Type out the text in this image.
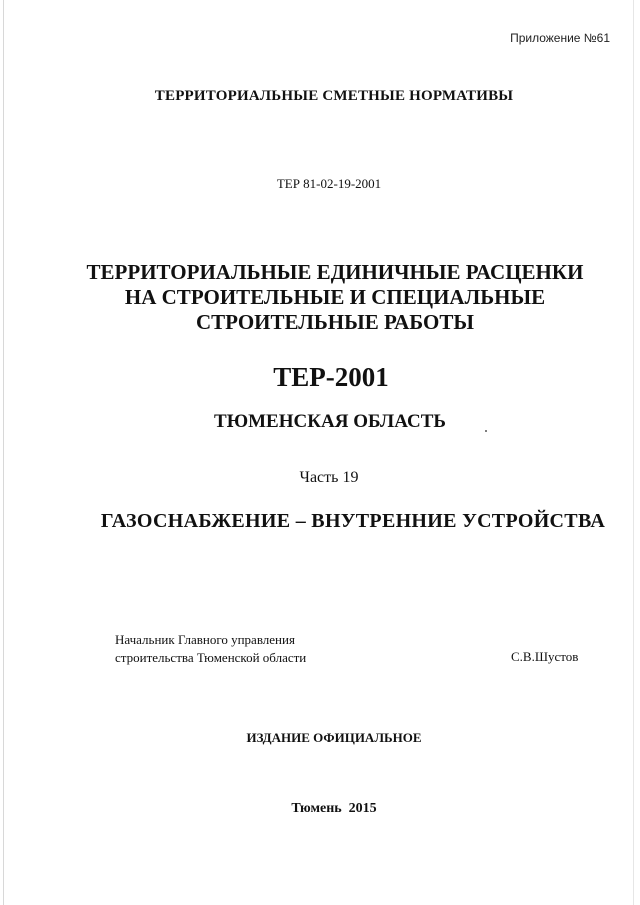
Приложение №61
ТЕРРИТОРИАЛЬНЫЕ СМЕТНЫЕ НОРМАТИВЫ
ТЕР 81-02-19-2001
ТЕРРИТОРИАЛЬНЫЕ ЕДИНИЧНЫЕ РАСЦЕНКИ
НА СТРОИТЕЛЬНЫЕ И СПЕЦИАЛЬНЫЕ
СТРОИТЕЛЬНЫЕ РАБОТЫ
ТЕР-2001
ТЮМЕНСКАЯ ОБЛАСТЬ
Часть 19
ГАЗОСНАБЖЕНИЕ – ВНУТРЕННИЕ УСТРОЙСТВА
Начальник Главного управления
строительства Тюменской области	С.В.Шустов
ИЗДАНИЕ ОФИЦИАЛЬНОЕ
Тюмень  2015
